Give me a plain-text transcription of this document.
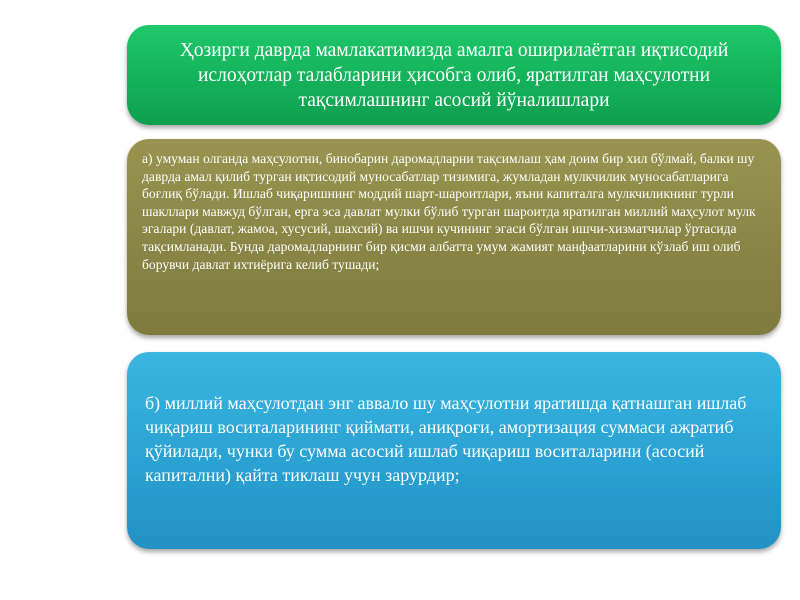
Ҳозирги даврда мамлакатимизда амалга оширилаётган иқтисодий ислоҳотлар талабларини ҳисобга олиб, яратилган маҳсулотни тақсимлашнинг асосий йўналишлари
а) умуман олганда маҳсулотни, бинобарин даромадларни тақсимлаш ҳам доим бир хил бўлмай, балки шу даврда амал қилиб турган иқтисодий муносабатлар тизимига, жумладан мулкчилик муносабатларига боғлиқ бўлади. Ишлаб чиқаришнинг моддий шарт-шароитлари, яъни капиталга мулкчиликнинг турли шакллари мавжуд бўлган, ерга эса давлат мулки бўлиб турган шароитда яратилган миллий маҳсулот мулк эгалари (давлат, жамоа, хусусий, шахсий) ва ишчи кучининг эгаси бўлган ишчи-хизматчилар ўртасида тақсимланади. Бунда даромадларнинг бир қисми албатта умум жамият манфаатларини кўзлаб иш олиб борувчи давлат ихтиёрига келиб тушади;
б) миллий маҳсулотдан энг аввало шу маҳсулотни яратишда қатнашган ишлаб чиқариш воситаларининг қиймати, аниқроғи, амортизация суммаси ажратиб қўйилади, чунки бу сумма асосий ишлаб чиқариш воситаларини (асосий капитални) қайта тиклаш учун зарурдир;
